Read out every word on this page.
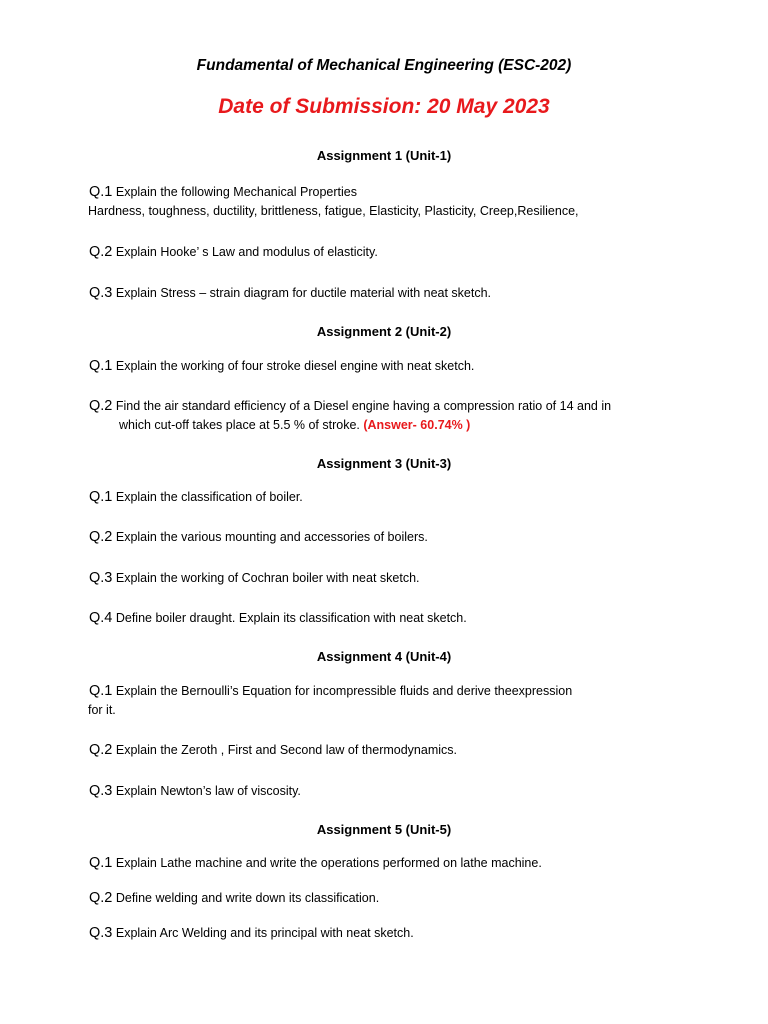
Fundamental of Mechanical Engineering (ESC-202)
Date of Submission: 20 May 2023
Assignment 1 (Unit-1)
Q.1 Explain the following Mechanical Properties
Hardness, toughness, ductility, brittleness, fatigue, Elasticity, Plasticity, Creep,Resilience,
Q.2 Explain Hooke’ s Law and modulus of elasticity.
Q.3 Explain Stress – strain diagram for ductile material with neat sketch.
Assignment 2 (Unit-2)
Q.1 Explain the working of four stroke diesel engine with neat sketch.
Q.2 Find the air standard efficiency of a Diesel engine having a compression ratio of 14 and in
which cut-off takes place at 5.5 % of stroke. (Answer- 60.74% )
Assignment 3 (Unit-3)
Q.1 Explain the classification of boiler.
Q.2 Explain the various mounting and accessories of boilers.
Q.3 Explain the working of Cochran boiler with neat sketch.
Q.4 Define boiler draught. Explain its classification with neat sketch.
Assignment 4 (Unit-4)
Q.1 Explain the Bernoulli’s Equation for incompressible fluids and derive theexpression
for it.
Q.2 Explain the Zeroth , First and Second law of thermodynamics.
Q.3 Explain Newton’s law of viscosity.
Assignment 5 (Unit-5)
Q.1 Explain Lathe machine and write the operations performed on lathe machine.
Q.2 Define welding and write down its classification.
Q.3 Explain Arc Welding and its principal with neat sketch.
